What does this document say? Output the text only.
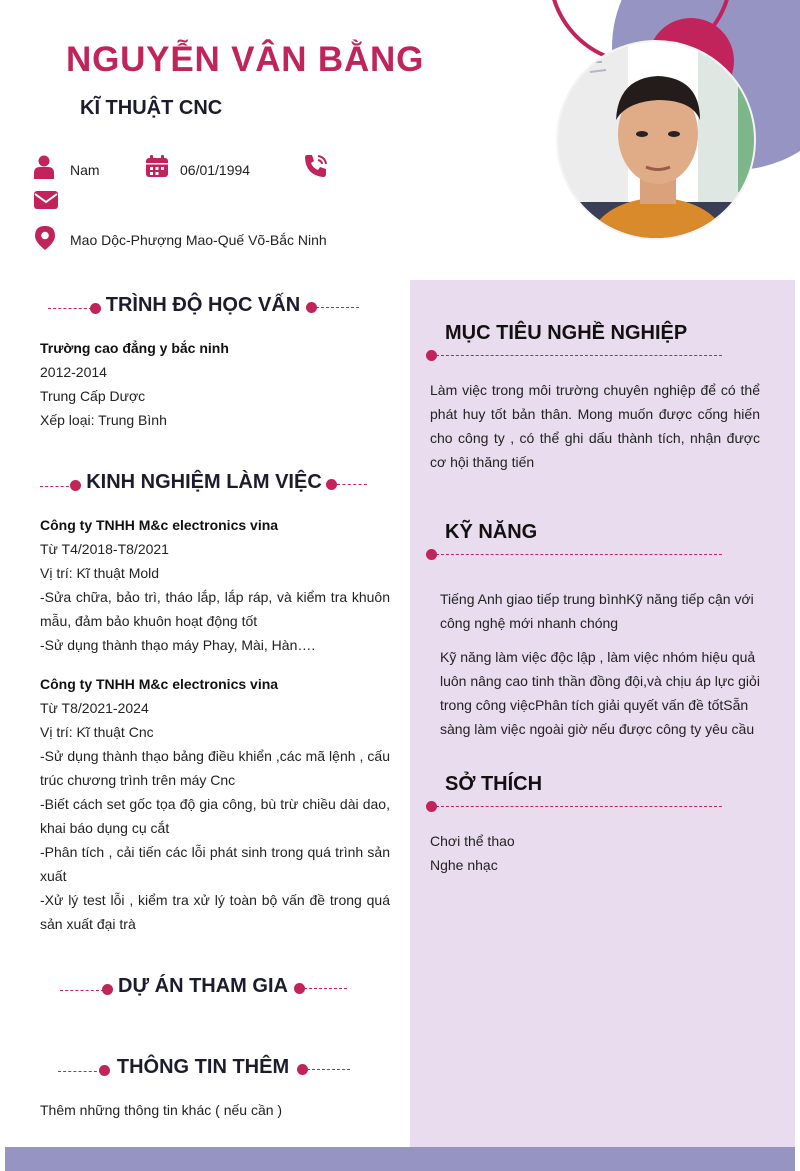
NGUYỄN VÂN BẰNG
KĨ THUẬT CNC
Nam	06/01/1994
Mao Dộc-Phượng Mao-Quế Võ-Bắc Ninh
TRÌNH ĐỘ HỌC VẤN

Trường cao đẳng y bắc ninh

2012-2014

Trung Cấp Dược

Xếp loại: Trung Bình

KINH NGHIỆM LÀM VIỆC

Công ty TNHH M&c electronics vina

Từ T4/2018-T8/2021

Vị trí: Kĩ thuật Mold

-Sửa chữa, bảo trì, tháo lắp, lắp ráp, và kiểm tra khuôn mẫu, đảm bảo khuôn hoạt động tốt

-Sử dụng thành thạo máy Phay, Mài, Hàn….

Công ty TNHH M&c electronics vina

Từ T8/2021-2024

Vị trí: Kĩ thuật Cnc

-Sử dụng thành thạo bảng điều khiển ,các mã lệnh , cấu trúc chương trình trên máy Cnc

-Biết cách set gốc tọa độ gia công, bù trừ chiều dài dao, khai báo dụng cụ cắt

-Phân tích , cải tiến các lỗi phát sinh trong quá trình sản xuất

-Xử lý test lỗi , kiểm tra xử lý toàn bộ vấn đề trong quá sản xuất đại trà

DỰ ÁN THAM GIA
THÔNG TIN THÊM
Thêm những thông tin khác ( nếu cần )
MỤC TIÊU NGHỀ NGHIỆP
Làm việc trong môi trường chuyên nghiệp để có thể phát huy tốt bản thân. Mong muốn được cống hiến cho công ty , có thể ghi dấu thành tích, nhận được cơ hội thăng tiến
KỸ NĂNG

Tiếng Anh giao tiếp trung bìnhKỹ năng tiếp cận với công nghệ mới nhanh chóng

Kỹ năng làm việc độc lập , làm việc nhóm hiệu quả luôn nâng cao tinh thần đồng đội,và chịu áp lực giỏi trong công việcPhân tích giải quyết vấn đề tốtSẵn sàng làm việc ngoài giờ nếu được công ty yêu cầu

SỞ THÍCH

Chơi thể thao

Nghe nhạc
